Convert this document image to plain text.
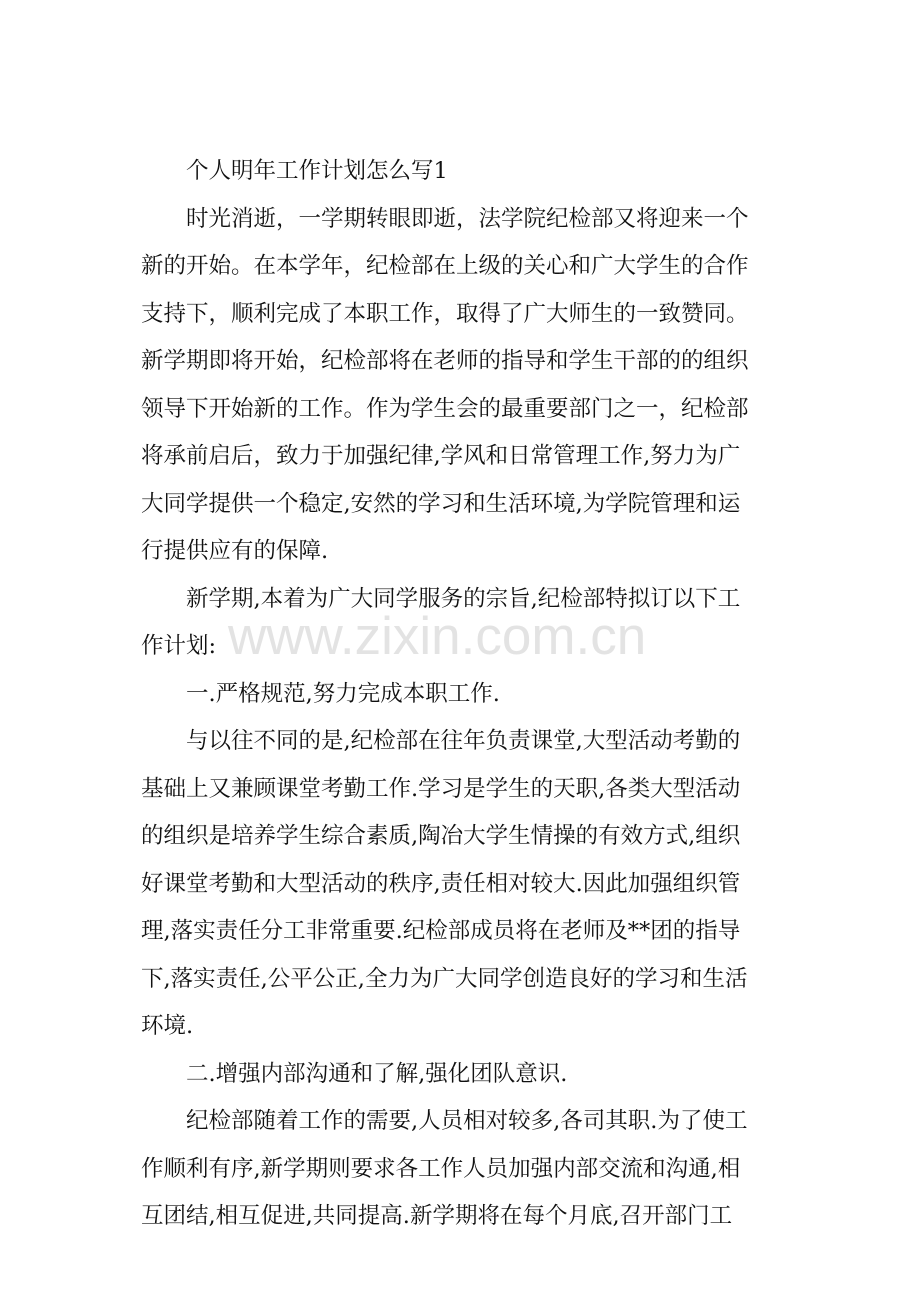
www.zixin.com.cn
　　个人明年工作计划怎么写1
　　时光消逝，一学期转眼即逝，法学院纪检部又将迎来一个
新的开始。在本学年，纪检部在上级的关心和广大学生的合作
支持下，顺利完成了本职工作，取得了广大师生的一致赞同。
新学期即将开始，纪检部将在老师的指导和学生干部的的组织
领导下开始新的工作。作为学生会的最重要部门之一，纪检部
将承前启后，致力于加强纪律,学风和日常管理工作,努力为广
大同学提供一个稳定,安然的学习和生活环境,为学院管理和运
行提供应有的保障.
　　新学期,本着为广大同学服务的宗旨,纪检部特拟订以下工
作计划:
　　一.严格规范,努力完成本职工作.
　　与以往不同的是,纪检部在往年负责课堂,大型活动考勤的
基础上又兼顾课堂考勤工作.学习是学生的天职,各类大型活动
的组织是培养学生综合素质,陶冶大学生情操的有效方式,组织
好课堂考勤和大型活动的秩序,责任相对较大.因此加强组织管
理,落实责任分工非常重要.纪检部成员将在老师及**团的指导
下,落实责任,公平公正,全力为广大同学创造良好的学习和生活
环境.
　　二.增强内部沟通和了解,强化团队意识.
　　纪检部随着工作的需要,人员相对较多,各司其职.为了使工
作顺利有序,新学期则要求各工作人员加强内部交流和沟通,相
互团结,相互促进,共同提高.新学期将在每个月底,召开部门工
